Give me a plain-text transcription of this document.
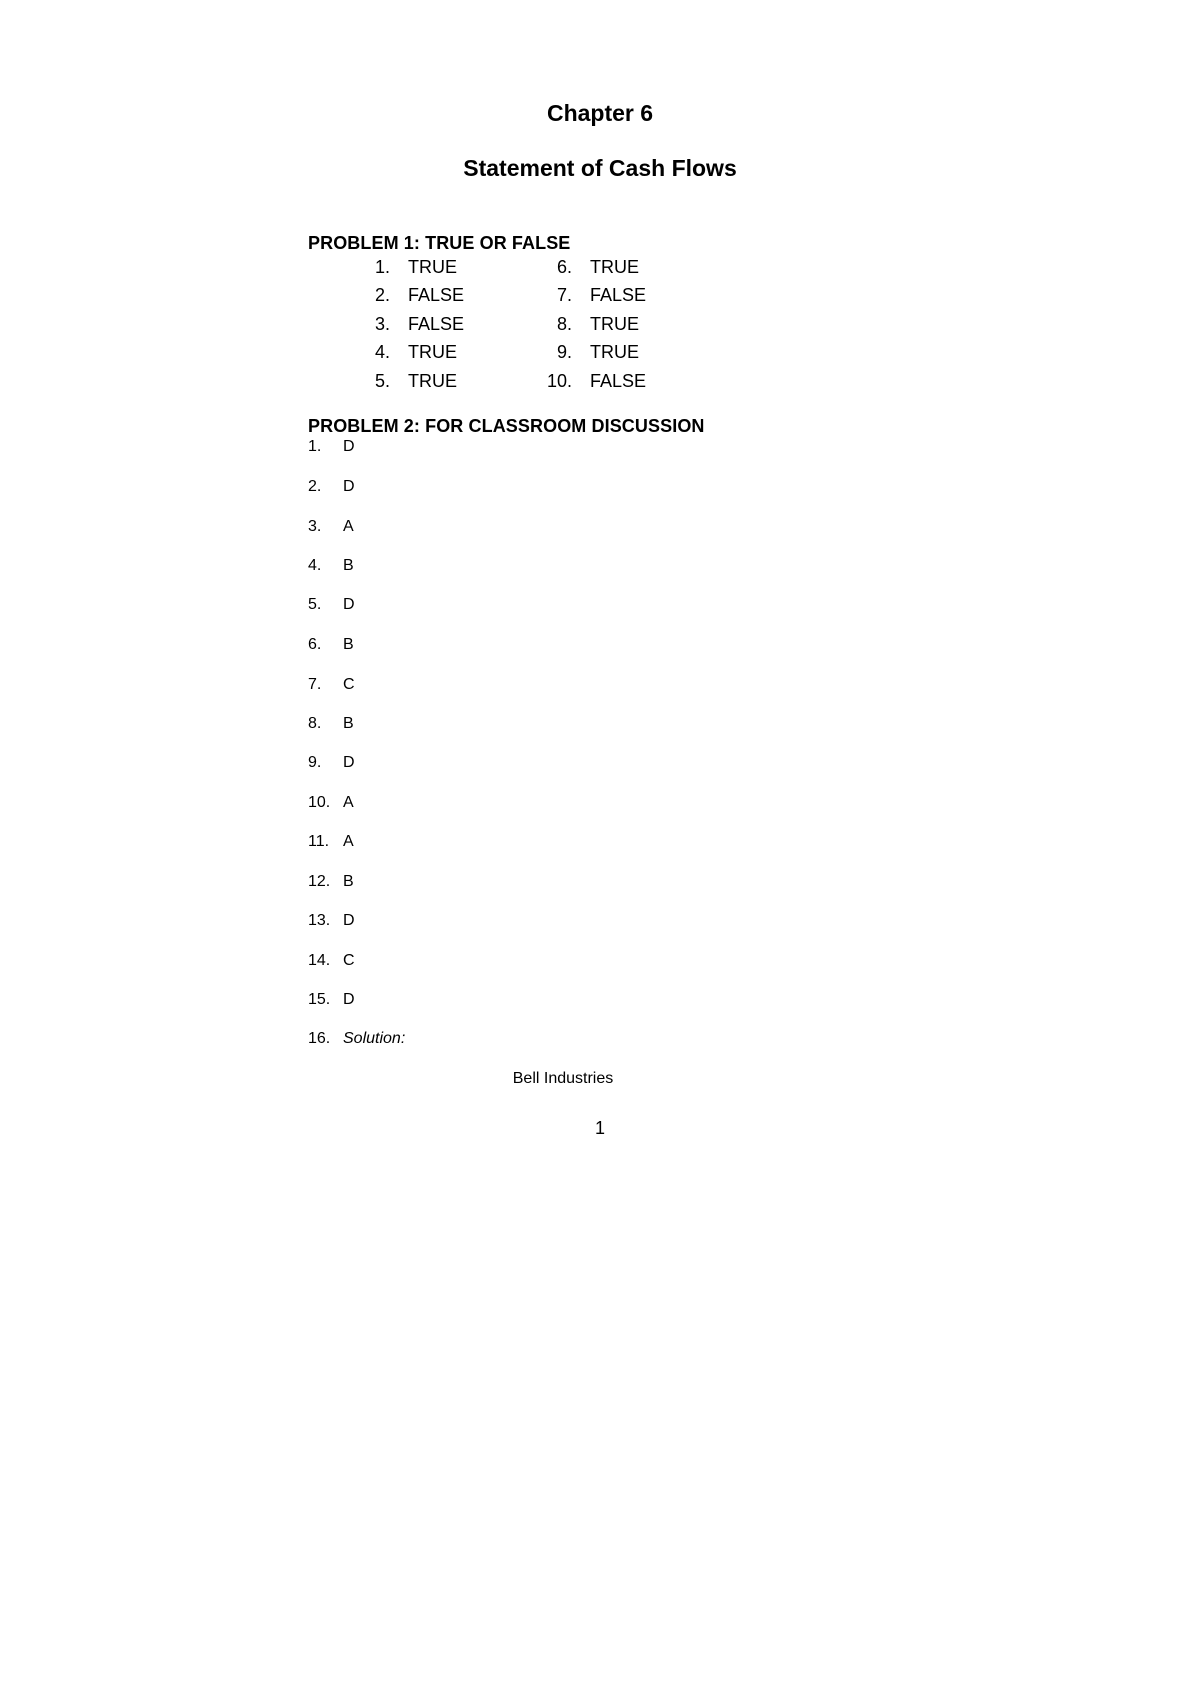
Chapter 6
Statement of Cash Flows
PROBLEM 1: TRUE OR FALSE
1. TRUE
2. FALSE
3. FALSE
4. TRUE
5. TRUE
6. TRUE
7. FALSE
8. TRUE
9. TRUE
10. FALSE
PROBLEM 2: FOR CLASSROOM DISCUSSION
1. D
2. D
3. A
4. B
5. D
6. B
7. C
8. B
9. D
10. A
11. A
12. B
13. D
14. C
15. D
16. Solution:
Bell Industries
1
